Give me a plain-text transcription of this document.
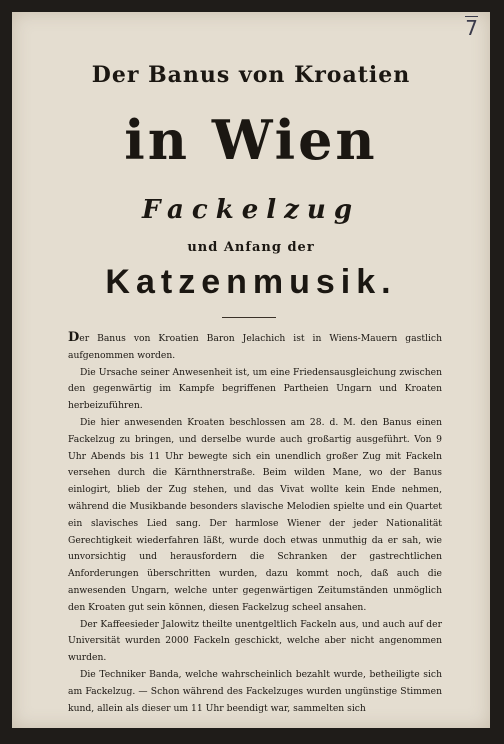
7
Der Banus von Kroatien
in Wien
Fackelzug
und Anfang der
Katzenmusik.

Der Banus von Kroatien Baron Jelachich ist in Wiens-Mauern gastlich aufgenommen worden.

Die Ursache seiner Anwesenheit ist, um eine Friedensausgleichung zwischen den gegenwärtig im Kampfe begriffenen Partheien Ungarn und Kroaten herbeizuführen.

Die hier anwesenden Kroaten beschlossen am 28. d. M. den Banus einen Fackelzug zu bringen, und derselbe wurde auch großartig ausgeführt. Von 9 Uhr Abends bis 11 Uhr bewegte sich ein unendlich großer Zug mit Fackeln versehen durch die Kärnthnerstraße. Beim wilden Mane, wo der Banus einlogirt, blieb der Zug stehen, und das Vivat wollte kein Ende nehmen, während die Musikbande besonders slavische Melodien spielte und ein Quartet ein slavisches Lied sang. Der harmlose Wiener der jeder Nationalität Gerechtigkeit wiederfahren läßt, wurde doch etwas unmuthig da er sah, wie unvorsichtig und herausfordern die Schranken der gastrechtlichen Anforderungen überschritten wurden, dazu kommt noch, daß auch die anwesenden Ungarn, welche unter gegenwärtigen Zeitumständen unmöglich den Kroaten gut sein können, diesen Fackelzug scheel ansahen.

Der Kaffeesieder Jalowitz theilte unentgeltlich Fackeln aus, und auch auf der Universität wurden 2000 Fackeln geschickt, welche aber nicht angenommen wurden.

Die Techniker Banda, welche wahrscheinlich bezahlt wurde, betheiligte sich am Fackelzug. — Schon während des Fackelzuges wurden ungünstige Stimmen kund, allein als dieser um 11 Uhr beendigt war, sammelten sich
